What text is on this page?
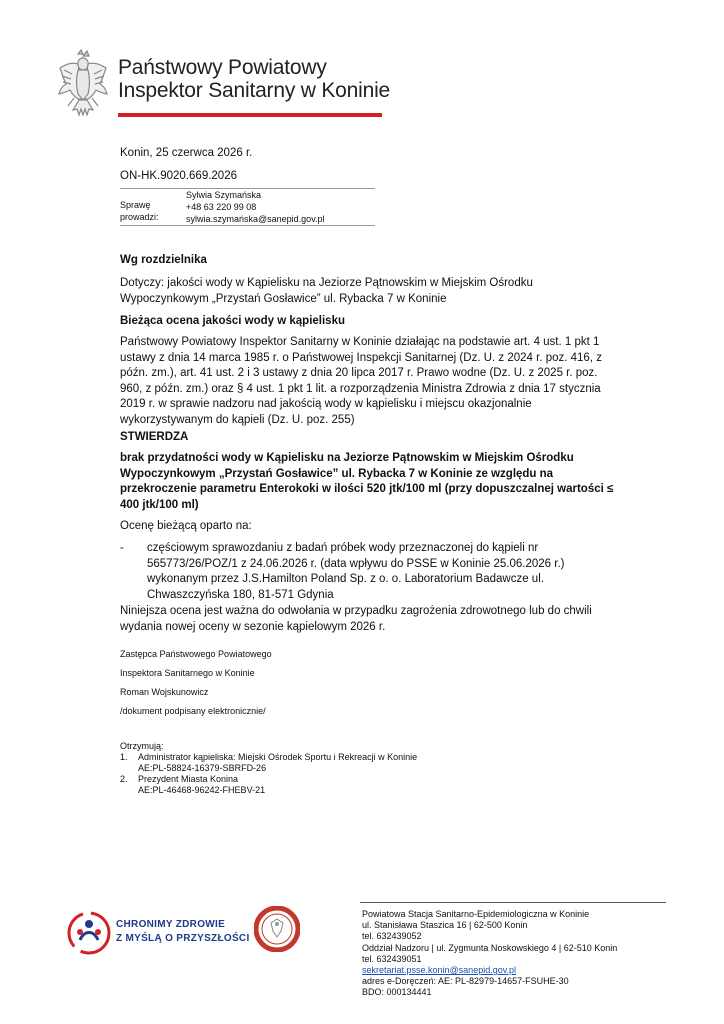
Państwowy Powiatowy
Inspektor Sanitarny w Koninie
Konin, 25 czerwca 2026 r.
ON-HK.9020.669.2026
Sprawę
prowadzi:
Sylwia Szymańska
+48 63 220 99 08
sylwia.szymańska@sanepid.gov.pl
Wg rozdzielnika
Dotyczy: jakości wody w Kąpielisku na Jeziorze Pątnowskim w Miejskim Ośrodku Wypoczynkowym „Przystań Gosławice” ul. Rybacka 7 w Koninie
Bieżąca ocena jakości wody w kąpielisku
Państwowy Powiatowy Inspektor Sanitarny w Koninie działając na podstawie art. 4 ust. 1 pkt 1 ustawy z dnia 14 marca 1985 r. o Państwowej Inspekcji Sanitarnej (Dz. U. z 2024 r. poz. 416, z późn. zm.), art. 41 ust. 2 i 3 ustawy z dnia 20 lipca 2017 r. Prawo wodne (Dz. U. z 2025 r. poz. 960, z późn. zm.) oraz § 4 ust. 1 pkt 1 lit. a rozporządzenia Ministra Zdrowia z dnia 17 stycznia 2019 r. w sprawie nadzoru nad jakością wody w kąpielisku i miejscu okazjonalnie wykorzystywanym do kąpieli (Dz. U. poz. 255)
STWIERDZA
brak przydatności wody w Kąpielisku na Jeziorze Pątnowskim w Miejskim Ośrodku Wypoczynkowym „Przystań Gosławice” ul. Rybacka 7 w Koninie ze względu na przekroczenie parametru Enterokoki w ilości 520 jtk/100 ml (przy dopuszczalnej wartości ≤ 400 jtk/100 ml)
Ocenę bieżącą oparto na:
-	częściowym sprawozdaniu z badań próbek wody przeznaczonej do kąpieli nr 565773/26/POZ/1 z 24.06.2026 r. (data wpływu do PSSE w Koninie 25.06.2026 r.) wykonanym przez J.S.Hamilton Poland Sp. z o. o. Laboratorium Badawcze ul. Chwaszczyńska 180, 81-571 Gdynia
Niniejsza ocena jest ważna do odwołania w przypadku zagrożenia zdrowotnego lub do chwili wydania nowej oceny w sezonie kąpielowym 2026 r.
Zastępca Państwowego Powiatowego
Inspektora Sanitarnego w Koninie
Roman Wojskunowicz
/dokument podpisany elektronicznie/
Otrzymują:
1. Administrator kąpieliska: Miejski Ośrodek Sportu i Rekreacji w Koninie
AE:PL-58824-16379-SBRFD-26
2. Prezydent Miasta Konina
AE:PL-46468-96242-FHEBV-21
CHRONIMY ZDROWIE
Z MYŚLĄ O PRZYSZŁOŚCI
Powiatowa Stacja Sanitarno-Epidemiologiczna w Koninie
ul. Stanisława Staszica 16 | 62-500 Konin
tel. 632439052
Oddział Nadzoru | ul. Zygmunta Noskowskiego 4 | 62-510 Konin
tel. 632439051
sekretariat.psse.konin@sanepid.gov.pl
adres e-Doręczeń: AE: PL-82979-14657-FSUHE-30
BDO: 000134441
